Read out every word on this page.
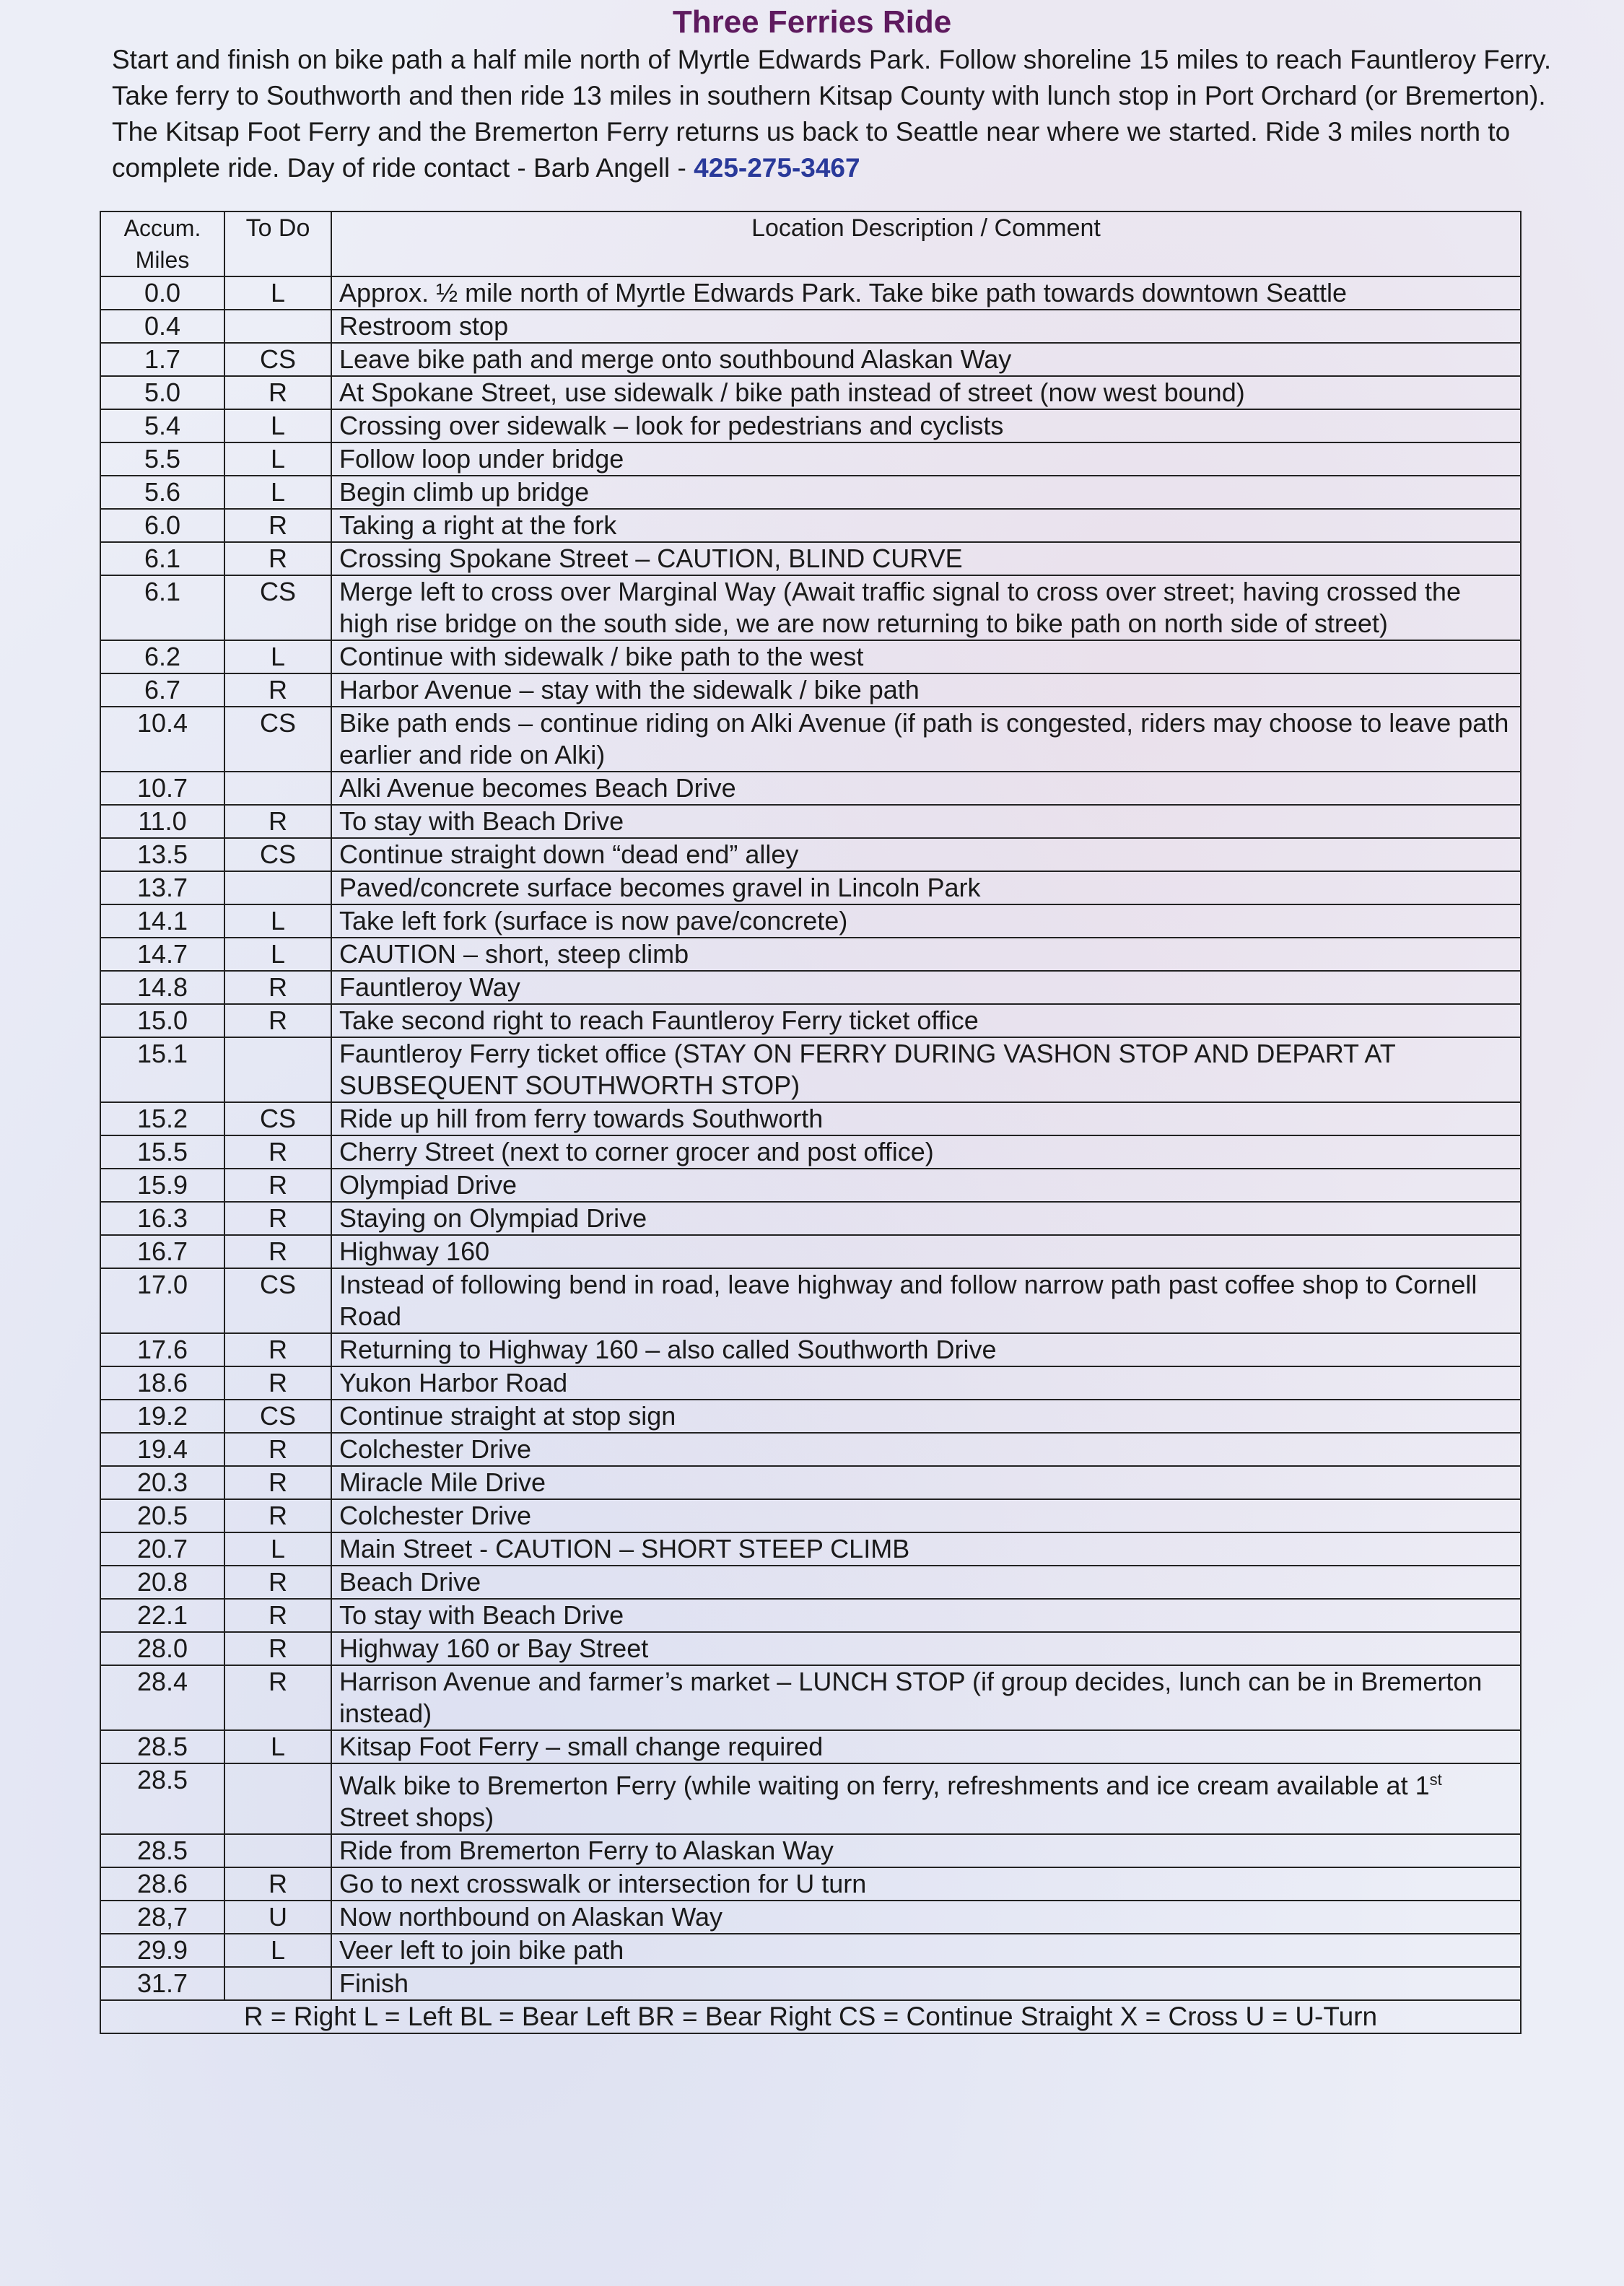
Three Ferries Ride

Start and finish on bike path a half mile north of Myrtle Edwards Park. Follow shoreline 15 miles to reach Fauntleroy Ferry. Take ferry to Southworth and then ride 13 miles in southern Kitsap County with lunch stop in Port Orchard (or Bremerton). The Kitsap Foot Ferry and the Bremerton Ferry returns us back to Seattle near where we started. Ride 3 miles north to complete ride. Day of ride contact - Barb Angell - 425-275-3467

Accum.
Miles	To Do	Location Description / Comment
0.0	L	Approx. ½ mile north of Myrtle Edwards Park. Take bike path towards downtown Seattle
0.4		Restroom stop
1.7	CS	Leave bike path and merge onto southbound Alaskan Way
5.0	R	At Spokane Street, use sidewalk / bike path instead of street (now west bound)
5.4	L	Crossing over sidewalk – look for pedestrians and cyclists
5.5	L	Follow loop under bridge
5.6	L	Begin climb up bridge
6.0	R	Taking a right at the fork
6.1	R	Crossing Spokane Street – CAUTION, BLIND CURVE
6.1	CS	Merge left to cross over Marginal Way (Await traffic signal to cross over street; having crossed the high rise bridge on the south side, we are now returning to bike path on north side of street)
6.2	L	Continue with sidewalk / bike path to the west
6.7	R	Harbor Avenue – stay with the sidewalk / bike path
10.4	CS	Bike path ends – continue riding on Alki Avenue (if path is congested, riders may choose to leave path earlier and ride on Alki)
10.7		Alki Avenue becomes Beach Drive
11.0	R	To stay with Beach Drive
13.5	CS	Continue straight down “dead end” alley
13.7		Paved/concrete surface becomes gravel in Lincoln Park
14.1	L	Take left fork (surface is now pave/concrete)
14.7	L	CAUTION – short, steep climb
14.8	R	Fauntleroy Way
15.0	R	Take second right to reach Fauntleroy Ferry ticket office
15.1		Fauntleroy Ferry ticket office (STAY ON FERRY DURING VASHON STOP AND DEPART AT SUBSEQUENT SOUTHWORTH STOP)
15.2	CS	Ride up hill from ferry towards Southworth
15.5	R	Cherry Street (next to corner grocer and post office)
15.9	R	Olympiad Drive
16.3	R	Staying on Olympiad Drive
16.7	R	Highway 160
17.0	CS	Instead of following bend in road, leave highway and follow narrow path past coffee shop to Cornell Road
17.6	R	Returning to Highway 160 – also called Southworth Drive
18.6	R	Yukon Harbor Road
19.2	CS	Continue straight at stop sign
19.4	R	Colchester Drive
20.3	R	Miracle Mile Drive
20.5	R	Colchester Drive
20.7	L	Main Street - CAUTION – SHORT STEEP CLIMB
20.8	R	Beach Drive
22.1	R	To stay with Beach Drive
28.0	R	Highway 160 or Bay Street
28.4	R	Harrison Avenue and farmer’s market – LUNCH STOP (if group decides, lunch can be in Bremerton instead)
28.5	L	Kitsap Foot Ferry – small change required
28.5		Walk bike to Bremerton Ferry (while waiting on ferry, refreshments and ice cream available at 1st Street shops)
28.5		Ride from Bremerton Ferry to Alaskan Way
28.6	R	Go to next crosswalk or intersection for U turn
28,7	U	Now northbound on Alaskan Way
29.9	L	Veer left to join bike path
31.7		Finish
R = Right L = Left BL = Bear Left BR = Bear Right CS = Continue Straight X = Cross U = U-Turn		
